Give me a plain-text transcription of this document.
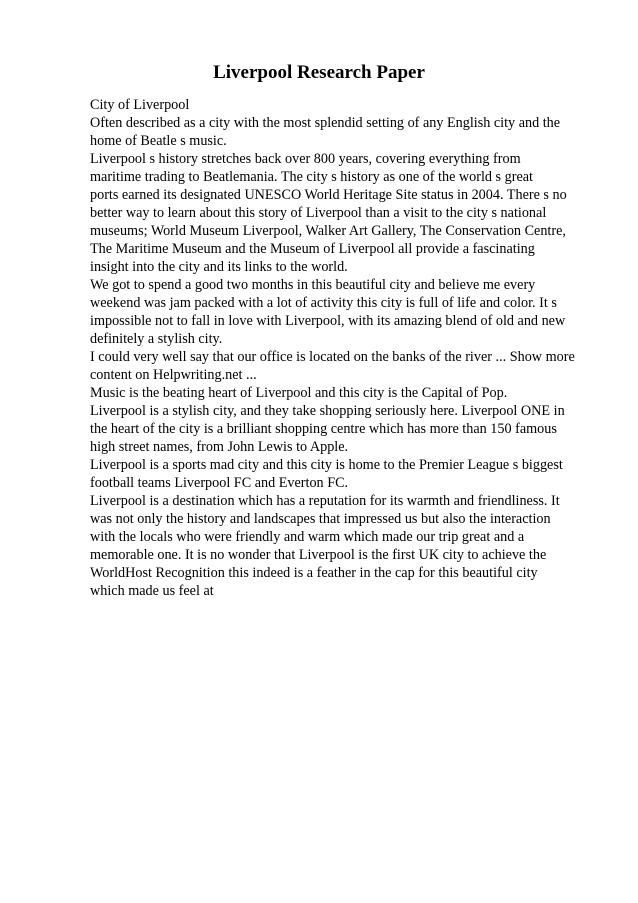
Liverpool Research Paper
City of Liverpool
Often described as a city with the most splendid setting of any English city and the
home of Beatle s music.
Liverpool s history stretches back over 800 years, covering everything from
maritime trading to Beatlemania. The city s history as one of the world s great
ports earned its designated UNESCO World Heritage Site status in 2004. There s no
better way to learn about this story of Liverpool than a visit to the city s national
museums; World Museum Liverpool, Walker Art Gallery, The Conservation Centre,
The Maritime Museum and the Museum of Liverpool all provide a fascinating
insight into the city and its links to the world.
We got to spend a good two months in this beautiful city and believe me every
weekend was jam packed with a lot of activity this city is full of life and color. It s
impossible not to fall in love with Liverpool, with its amazing blend of old and new
definitely a stylish city.
I could very well say that our office is located on the banks of the river ... Show more
content on Helpwriting.net ...
Music is the beating heart of Liverpool and this city is the Capital of Pop.
Liverpool is a stylish city, and they take shopping seriously here. Liverpool ONE in
the heart of the city is a brilliant shopping centre which has more than 150 famous
high street names, from John Lewis to Apple.
Liverpool is a sports mad city and this city is home to the Premier League s biggest
football teams Liverpool FC and Everton FC.
Liverpool is a destination which has a reputation for its warmth and friendliness. It
was not only the history and landscapes that impressed us but also the interaction
with the locals who were friendly and warm which made our trip great and a
memorable one. It is no wonder that Liverpool is the first UK city to achieve the
WorldHost Recognition this indeed is a feather in the cap for this beautiful city
which made us feel at
